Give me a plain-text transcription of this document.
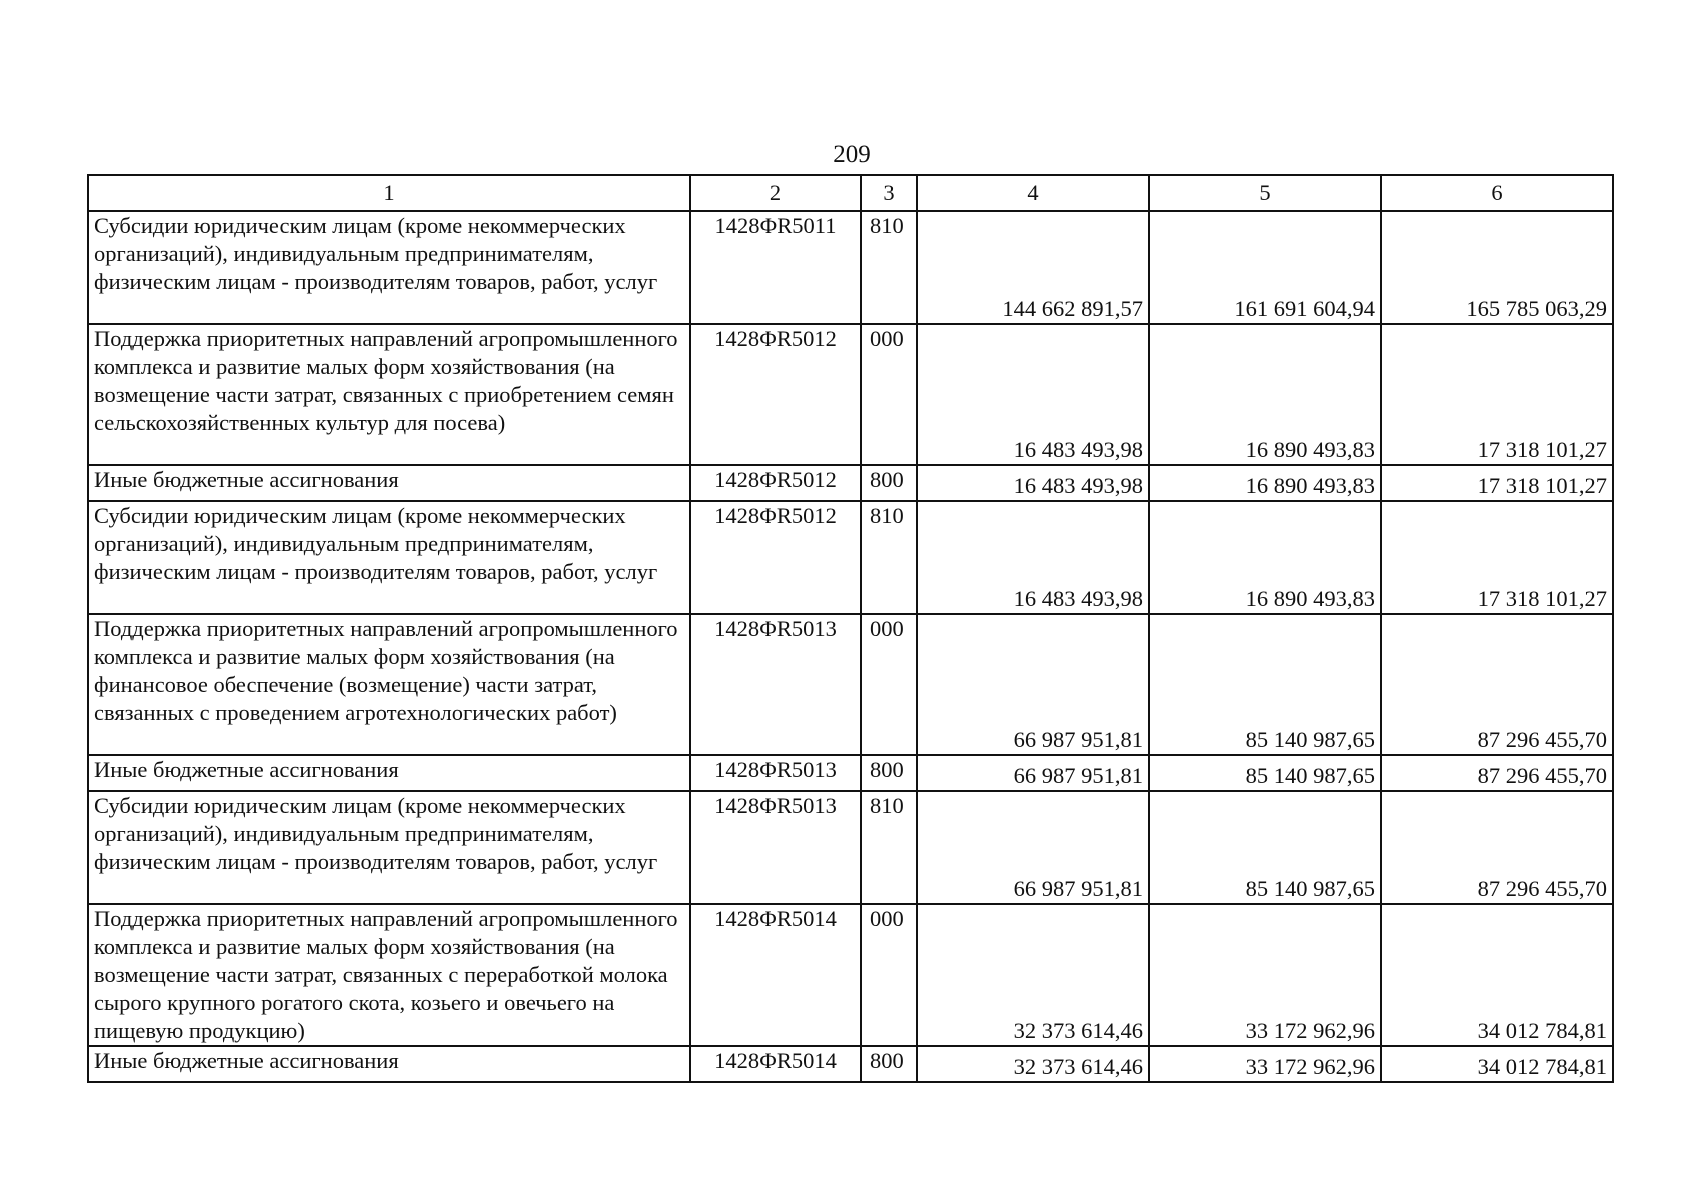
209
1	2	3	4	5	6
Субсидии юридическим лицам (кроме некоммерческих организаций), индивидуальным предпринимателям, физическим лицам - производителям товаров, работ, услуг	1428ФR5011	810	144 662 891,57	161 691 604,94	165 785 063,29
Поддержка приоритетных направлений агропромышленного комплекса и развитие малых форм хозяйствования (на возмещение части затрат, связанных с приобретением семян сельскохозяйственных культур для посева)	1428ФR5012	000	16 483 493,98	16 890 493,83	17 318 101,27
Иные бюджетные ассигнования	1428ФR5012	800	16 483 493,98	16 890 493,83	17 318 101,27
Субсидии юридическим лицам (кроме некоммерческих организаций), индивидуальным предпринимателям, физическим лицам - производителям товаров, работ, услуг	1428ФR5012	810	16 483 493,98	16 890 493,83	17 318 101,27
Поддержка приоритетных направлений агропромышленного комплекса и развитие малых форм хозяйствования (на финансовое обеспечение (возмещение) части затрат, связанных с проведением агротехнологических работ)	1428ФR5013	000	66 987 951,81	85 140 987,65	87 296 455,70
Иные бюджетные ассигнования	1428ФR5013	800	66 987 951,81	85 140 987,65	87 296 455,70
Субсидии юридическим лицам (кроме некоммерческих организаций), индивидуальным предпринимателям, физическим лицам - производителям товаров, работ, услуг	1428ФR5013	810	66 987 951,81	85 140 987,65	87 296 455,70
Поддержка приоритетных направлений агропромышленного комплекса и развитие малых форм хозяйствования (на возмещение части затрат, связанных с переработкой молока сырого крупного рогатого скота, козьего и овечьего на пищевую продукцию)	1428ФR5014	000	32 373 614,46	33 172 962,96	34 012 784,81
Иные бюджетные ассигнования	1428ФR5014	800	32 373 614,46	33 172 962,96	34 012 784,81
